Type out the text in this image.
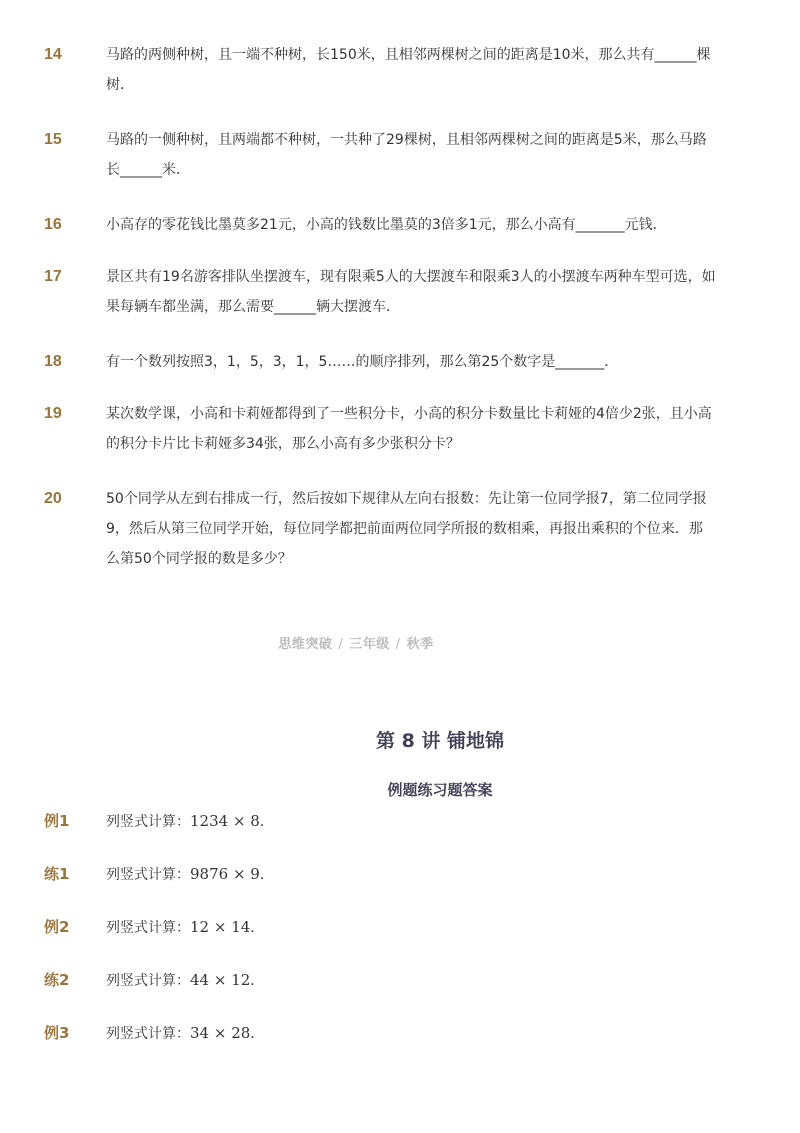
14	马路的两侧种树，且一端不种树，长150米，且相邻两棵树之间的距离是10米，那么共有______棵树．
15	马路的一侧种树，且两端都不种树，一共种了29棵树，且相邻两棵树之间的距离是5米，那么马路长______米．
16	小高存的零花钱比墨莫多21元，小高的钱数比墨莫的3倍多1元，那么小高有_______元钱．
17	景区共有19名游客排队坐摆渡车，现有限乘5人的大摆渡车和限乘3人的小摆渡车两种车型可选，如果每辆车都坐满，那么需要______辆大摆渡车．
18	有一个数列按照3，1，5，3，1，5……的顺序排列，那么第25个数字是_______．
19	某次数学课，小高和卡莉娅都得到了一些积分卡，小高的积分卡数量比卡莉娅的4倍少2张，且小高的积分卡片比卡莉娅多34张，那么小高有多少张积分卡？
20	50个同学从左到右排成一行，然后按如下规律从左向右报数：先让第一位同学报7，第二位同学报9，然后从第三位同学开始，每位同学都把前面两位同学所报的数相乘，再报出乘积的个位来．那么第50个同学报的数是多少？
思维突破 / 三年级 / 秋季
第 8 讲 铺地锦
例题练习题答案
例1	列竖式计算：1234 × 8．
练1	列竖式计算：9876 × 9．
例2	列竖式计算：12 × 14．
练2	列竖式计算：44 × 12．
例3	列竖式计算：34 × 28．
